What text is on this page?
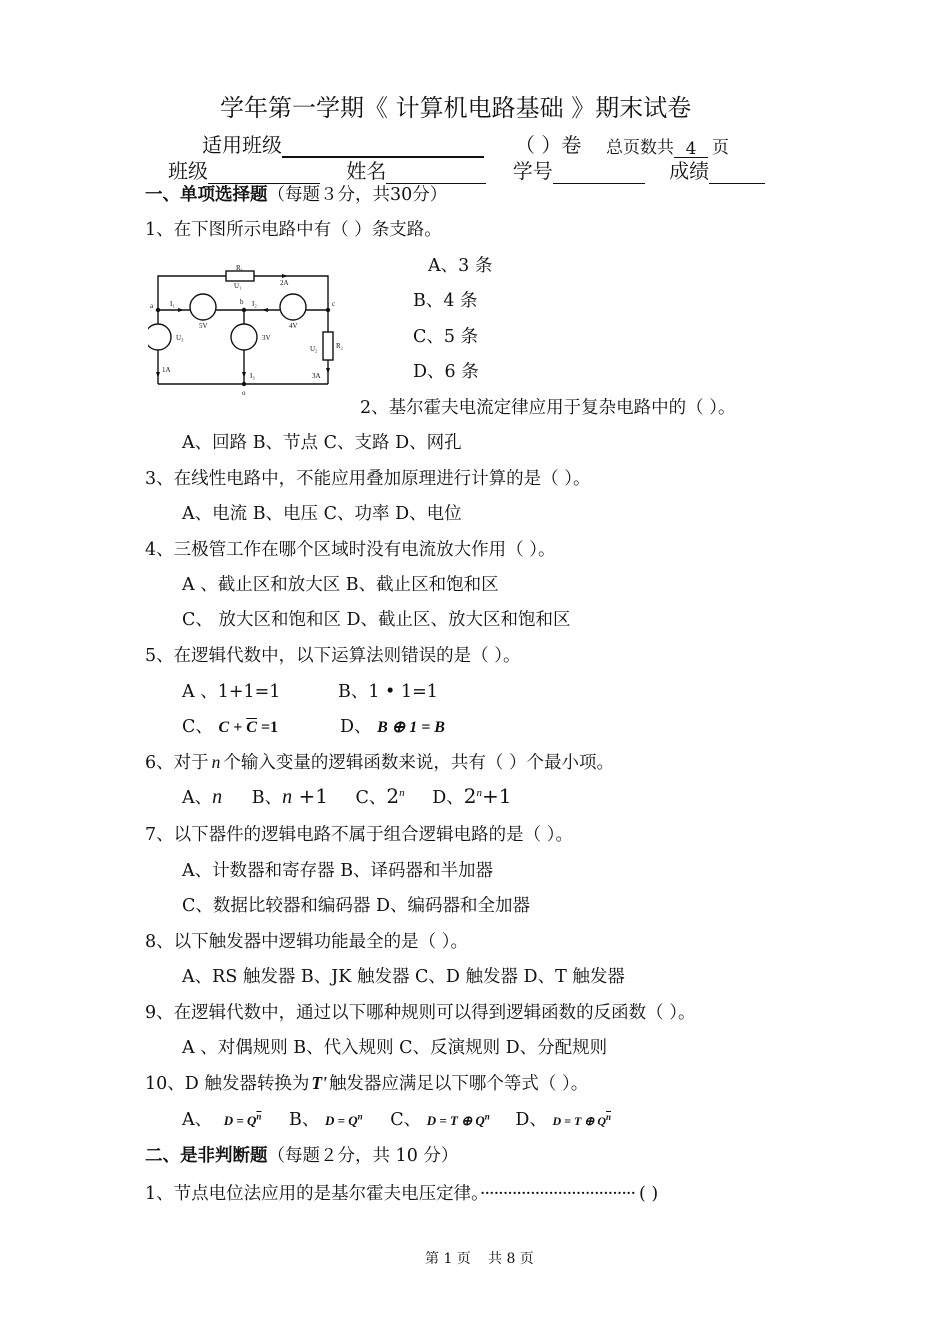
学年第一学期《 计算机电路基础 》期末试卷
适用班级	（ ）卷 总页数共 4 页
班级	姓名	学号	成绩
一、单项选择题（每题３分，共30分）
1、在下图所示电路中有（ ）条支路。
R₁
U₁	2A
I₁	I₂
5V	4V
3V
U₃
U₂	R₂
1A
I₃	3A
a	b	c
o
A、3 条
B、4 条
C、5 条
D、6 条
2、基尔霍夫电流定律应用于复杂电路中的（ ）。
A、回路 B、节点 C、支路 D、网孔
3、在线性电路中，不能应用叠加原理进行计算的是（ ）。
A、电流 B、电压 C、功率 D、电位
4、三极管工作在哪个区域时没有电流放大作用（ ）。
A 、截止区和放大区 B、截止区和饱和区
C、 放大区和饱和区 D、截止区、放大区和饱和区
5、在逻辑代数中，以下运算法则错误的是（ ）。
A 、1+1=1	B、1 • 1=1
C、 $C + \overline{C} =1$	D、 B ⊕ 1 = B
6、对于 n 个输入变量的逻辑函数来说，共有（ ）个最小项。
A、n B、n +1 C、2$^n$ D、$2^n+1$
7、以下器件的逻辑电路不属于组合逻辑电路的是（ ）。
A、计数器和寄存器 B、译码器和半加器
C、数据比较器和编码器 D、编码器和全加器
8、以下触发器中逻辑功能最全的是（ ）。
A、RS 触发器 B、JK 触发器 C、D 触发器 D、T 触发器
9、在逻辑代数中，通过以下哪种规则可以得到逻辑函数的反函数（ ）。
A 、对偶规则 B、代入规则 C、反演规则 D、分配规则
10、D 触发器转换为 T' 触发器应满足以下哪个等式（ ）。
A、 $D = Q^{\overline{n}}$ B、 $D = Q^n$ C、 D = T ⊕ $Q^n$ D、 D = T ⊕ $Q^{\overline{n}}$
二、是非判断题（每题２分，共 10 分）
1、节点电位法应用的是基尔霍夫电压定律。·································· ( )
第 1 页 共 8 页
